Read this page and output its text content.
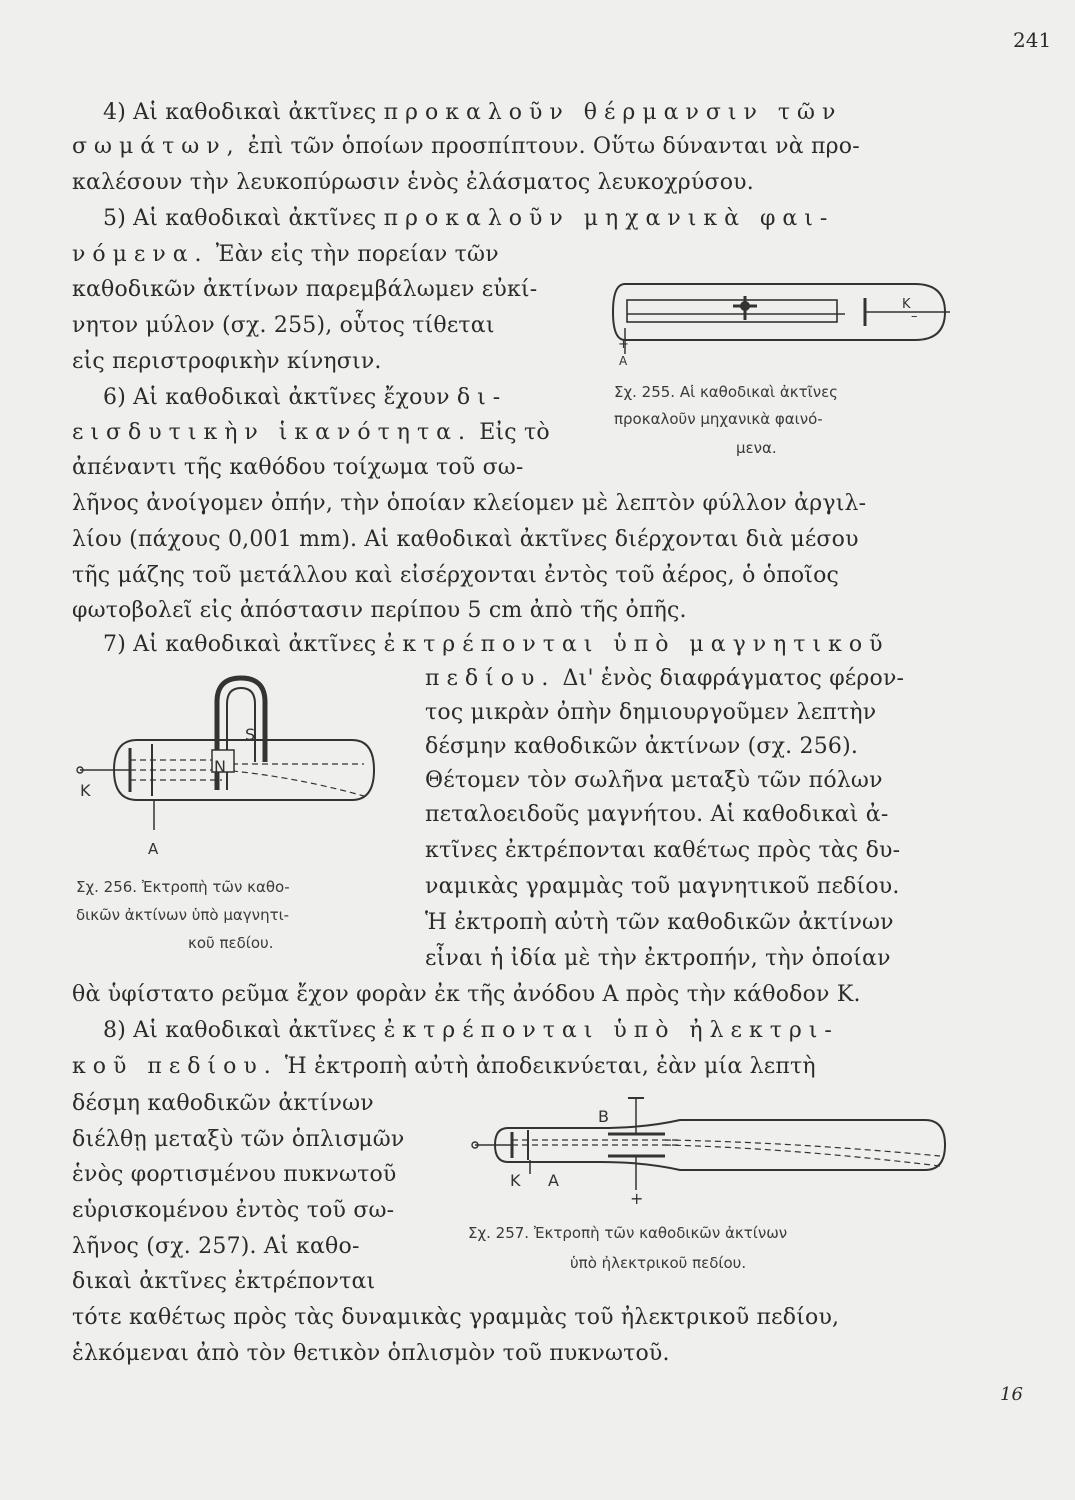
241
4) Αἱ καθοδικαὶ ἀκτῖνες προκαλοῦν θέρμανσιν τῶν
σωμάτων, ἐπὶ τῶν ὁποίων προσπίπτουν. Οὕτω δύνανται νὰ προ-
καλέσουν τὴν λευκοπύρωσιν ἑνὸς ἐλάσματος λευκοχρύσου.
5) Αἱ καθοδικαὶ ἀκτῖνες προκαλοῦν μηχανικὰ φαι-
νόμενα. Ἐὰν εἰς τὴν πορείαν τῶν
καθοδικῶν ἀκτίνων παρεμβάλωμεν εὐκί-
νητον μύλον (σχ. 255), οὗτος τίθεται
εἰς περιστροφικὴν κίνησιν.
+
A
K
–
Σχ. 255. Αἱ καθοδικαὶ ἀκτῖνες
προκαλοῦν μηχανικὰ φαινό-
μενα.
6) Αἱ καθοδικαὶ ἀκτῖνες ἔχουν δι-
εισδυτικὴν ἱκανότητα. Εἰς τὸ
ἀπέναντι τῆς καθόδου τοίχωμα τοῦ σω-
λῆνος ἀνοίγομεν ὀπήν, τὴν ὁποίαν κλείομεν μὲ λεπτὸν φύλλον ἀργιλ-
λίου (πάχους 0,001 mm). Αἱ καθοδικαὶ ἀκτῖνες διέρχονται διὰ μέσου
τῆς μάζης τοῦ μετάλλου καὶ εἰσέρχονται ἐντὸς τοῦ ἀέρος, ὁ ὁποῖος
φωτοβολεῖ εἰς ἀπόστασιν περίπου 5 cm ἀπὸ τῆς ὀπῆς.
7) Αἱ καθοδικαὶ ἀκτῖνες ἐκτρέπονται ὑπὸ μαγνητικοῦ
πεδίου. Δι' ἑνὸς διαφράγματος φέρον-
τος μικρὰν ὀπὴν δημιουργοῦμεν λεπτὴν
δέσμην καθοδικῶν ἀκτίνων (σχ. 256).
Θέτομεν τὸν σωλῆνα μεταξὺ τῶν πόλων
πεταλοειδοῦς μαγνήτου. Αἱ καθοδικαὶ ἀ-
κτῖνες ἐκτρέπονται καθέτως πρὸς τὰς δυ-
ναμικὰς γραμμὰς τοῦ μαγνητικοῦ πεδίου.
Ἡ ἐκτροπὴ αὐτὴ τῶν καθοδικῶν ἀκτίνων
εἶναι ἡ ἰδία μὲ τὴν ἐκτροπήν, τὴν ὁποίαν
θὰ ὑφίστατο ρεῦμα ἔχον φορὰν ἐκ τῆς ἀνόδου Α πρὸς τὴν κάθοδον Κ.
N
S
K
A
Σχ. 256. Ἐκτροπὴ τῶν καθο-
δικῶν ἀκτίνων ὑπὸ μαγνητι-
κοῦ πεδίου.
8) Αἱ καθοδικαὶ ἀκτῖνες ἐκτρέπονται ὑπὸ ἠλεκτρι-
κοῦ πεδίου. Ἡ ἐκτροπὴ αὐτὴ ἀποδεικνύεται, ἐὰν μία λεπτὴ
δέσμη καθοδικῶν ἀκτίνων
διέλθῃ μεταξὺ τῶν ὁπλισμῶν
ἑνὸς φορτισμένου πυκνωτοῦ
εὑρισκομένου ἐντὸς τοῦ σω-
λῆνος (σχ. 257). Αἱ καθο-
δικαὶ ἀκτῖνες ἐκτρέπονται
τότε καθέτως πρὸς τὰς δυναμικὰς γραμμὰς τοῦ ἠλεκτρικοῦ πεδίου,
ἑλκόμεναι ἀπὸ τὸν θετικὸν ὁπλισμὸν τοῦ πυκνωτοῦ.
B
+
K A
Σχ. 257. Ἐκτροπὴ τῶν καθοδικῶν ἀκτίνων
ὑπὸ ἠλεκτρικοῦ πεδίου.
16
